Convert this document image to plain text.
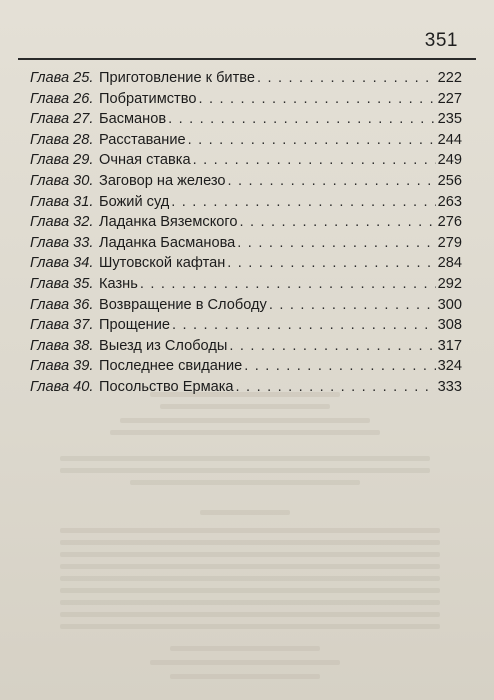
351
Глава 25. Приготовление к битве . . .	222
Глава 26. Побратимство . . .	227
Глава 27. Басманов . . .	235
Глава 28. Расставание . . .	244
Глава 29. Очная ставка . . .	249
Глава 30. Заговор на железо . . .	256
Глава 31. Божий суд . . .	263
Глава 32. Ладанка Вяземского . . .	276
Глава 33. Ладанка Басманова . . .	279
Глава 34. Шутовской кафтан . . .	284
Глава 35. Казнь . . .	292
Глава 36. Возвращение в Слободу . . .	300
Глава 37. Прощение . . .	308
Глава 38. Выезд из Слободы . . .	317
Глава 39. Последнее свидание . . .	324
Глава 40. Посольство Ермака . . .	333
